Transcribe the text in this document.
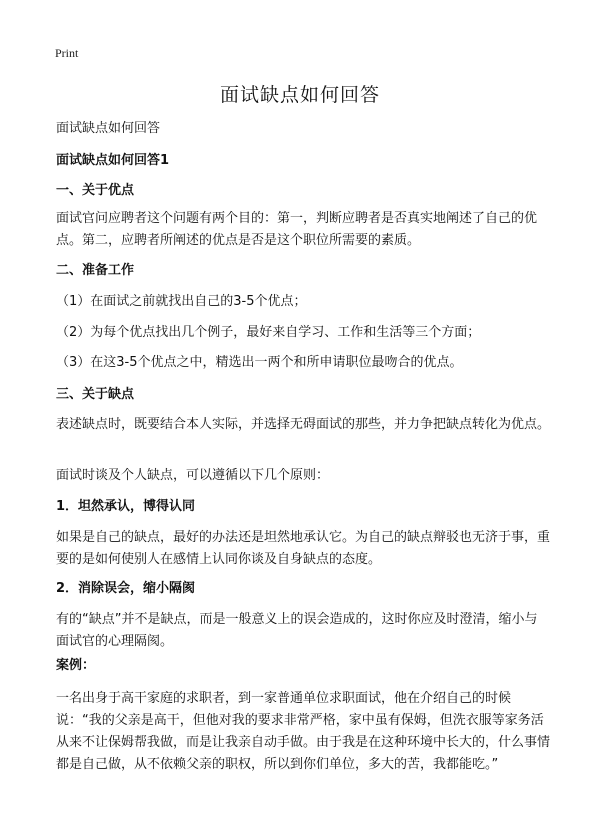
Print
面试缺点如何回答

面试缺点如何回答

面试缺点如何回答1

一、关于优点

面试官问应聘者这个问题有两个目的：第一，判断应聘者是否真实地阐述了自己的优点。第二，应聘者所阐述的优点是否是这个职位所需要的素质。

二、准备工作

（1）在面试之前就找出自己的3-5个优点；

（2）为每个优点找出几个例子，最好来自学习、工作和生活等三个方面；

（3）在这3-5个优点之中，精选出一两个和所申请职位最吻合的优点。

三、关于缺点

表述缺点时，既要结合本人实际，并选择无碍面试的那些，并力争把缺点转化为优点。

面试时谈及个人缺点，可以遵循以下几个原则：

1．坦然承认，博得认同

如果是自己的缺点，最好的办法还是坦然地承认它。为自己的缺点辩驳也无济于事，重要的是如何使别人在感情上认同你谈及自身缺点的态度。

2．消除误会，缩小隔阂

有的“缺点”并不是缺点，而是一般意义上的误会造成的，这时你应及时澄清，缩小与面试官的心理隔阂。

案例：

一名出身于高干家庭的求职者，到一家普通单位求职面试，他在介绍自己的时候说：“我的父亲是高干，但他对我的要求非常严格，家中虽有保姆，但洗衣服等家务活从来不让保姆帮我做，而是让我亲自动手做。由于我是在这种环境中长大的，什么事情都是自己做，从不依赖父亲的职权，所以到你们单位，多大的苦，我都能吃。”
